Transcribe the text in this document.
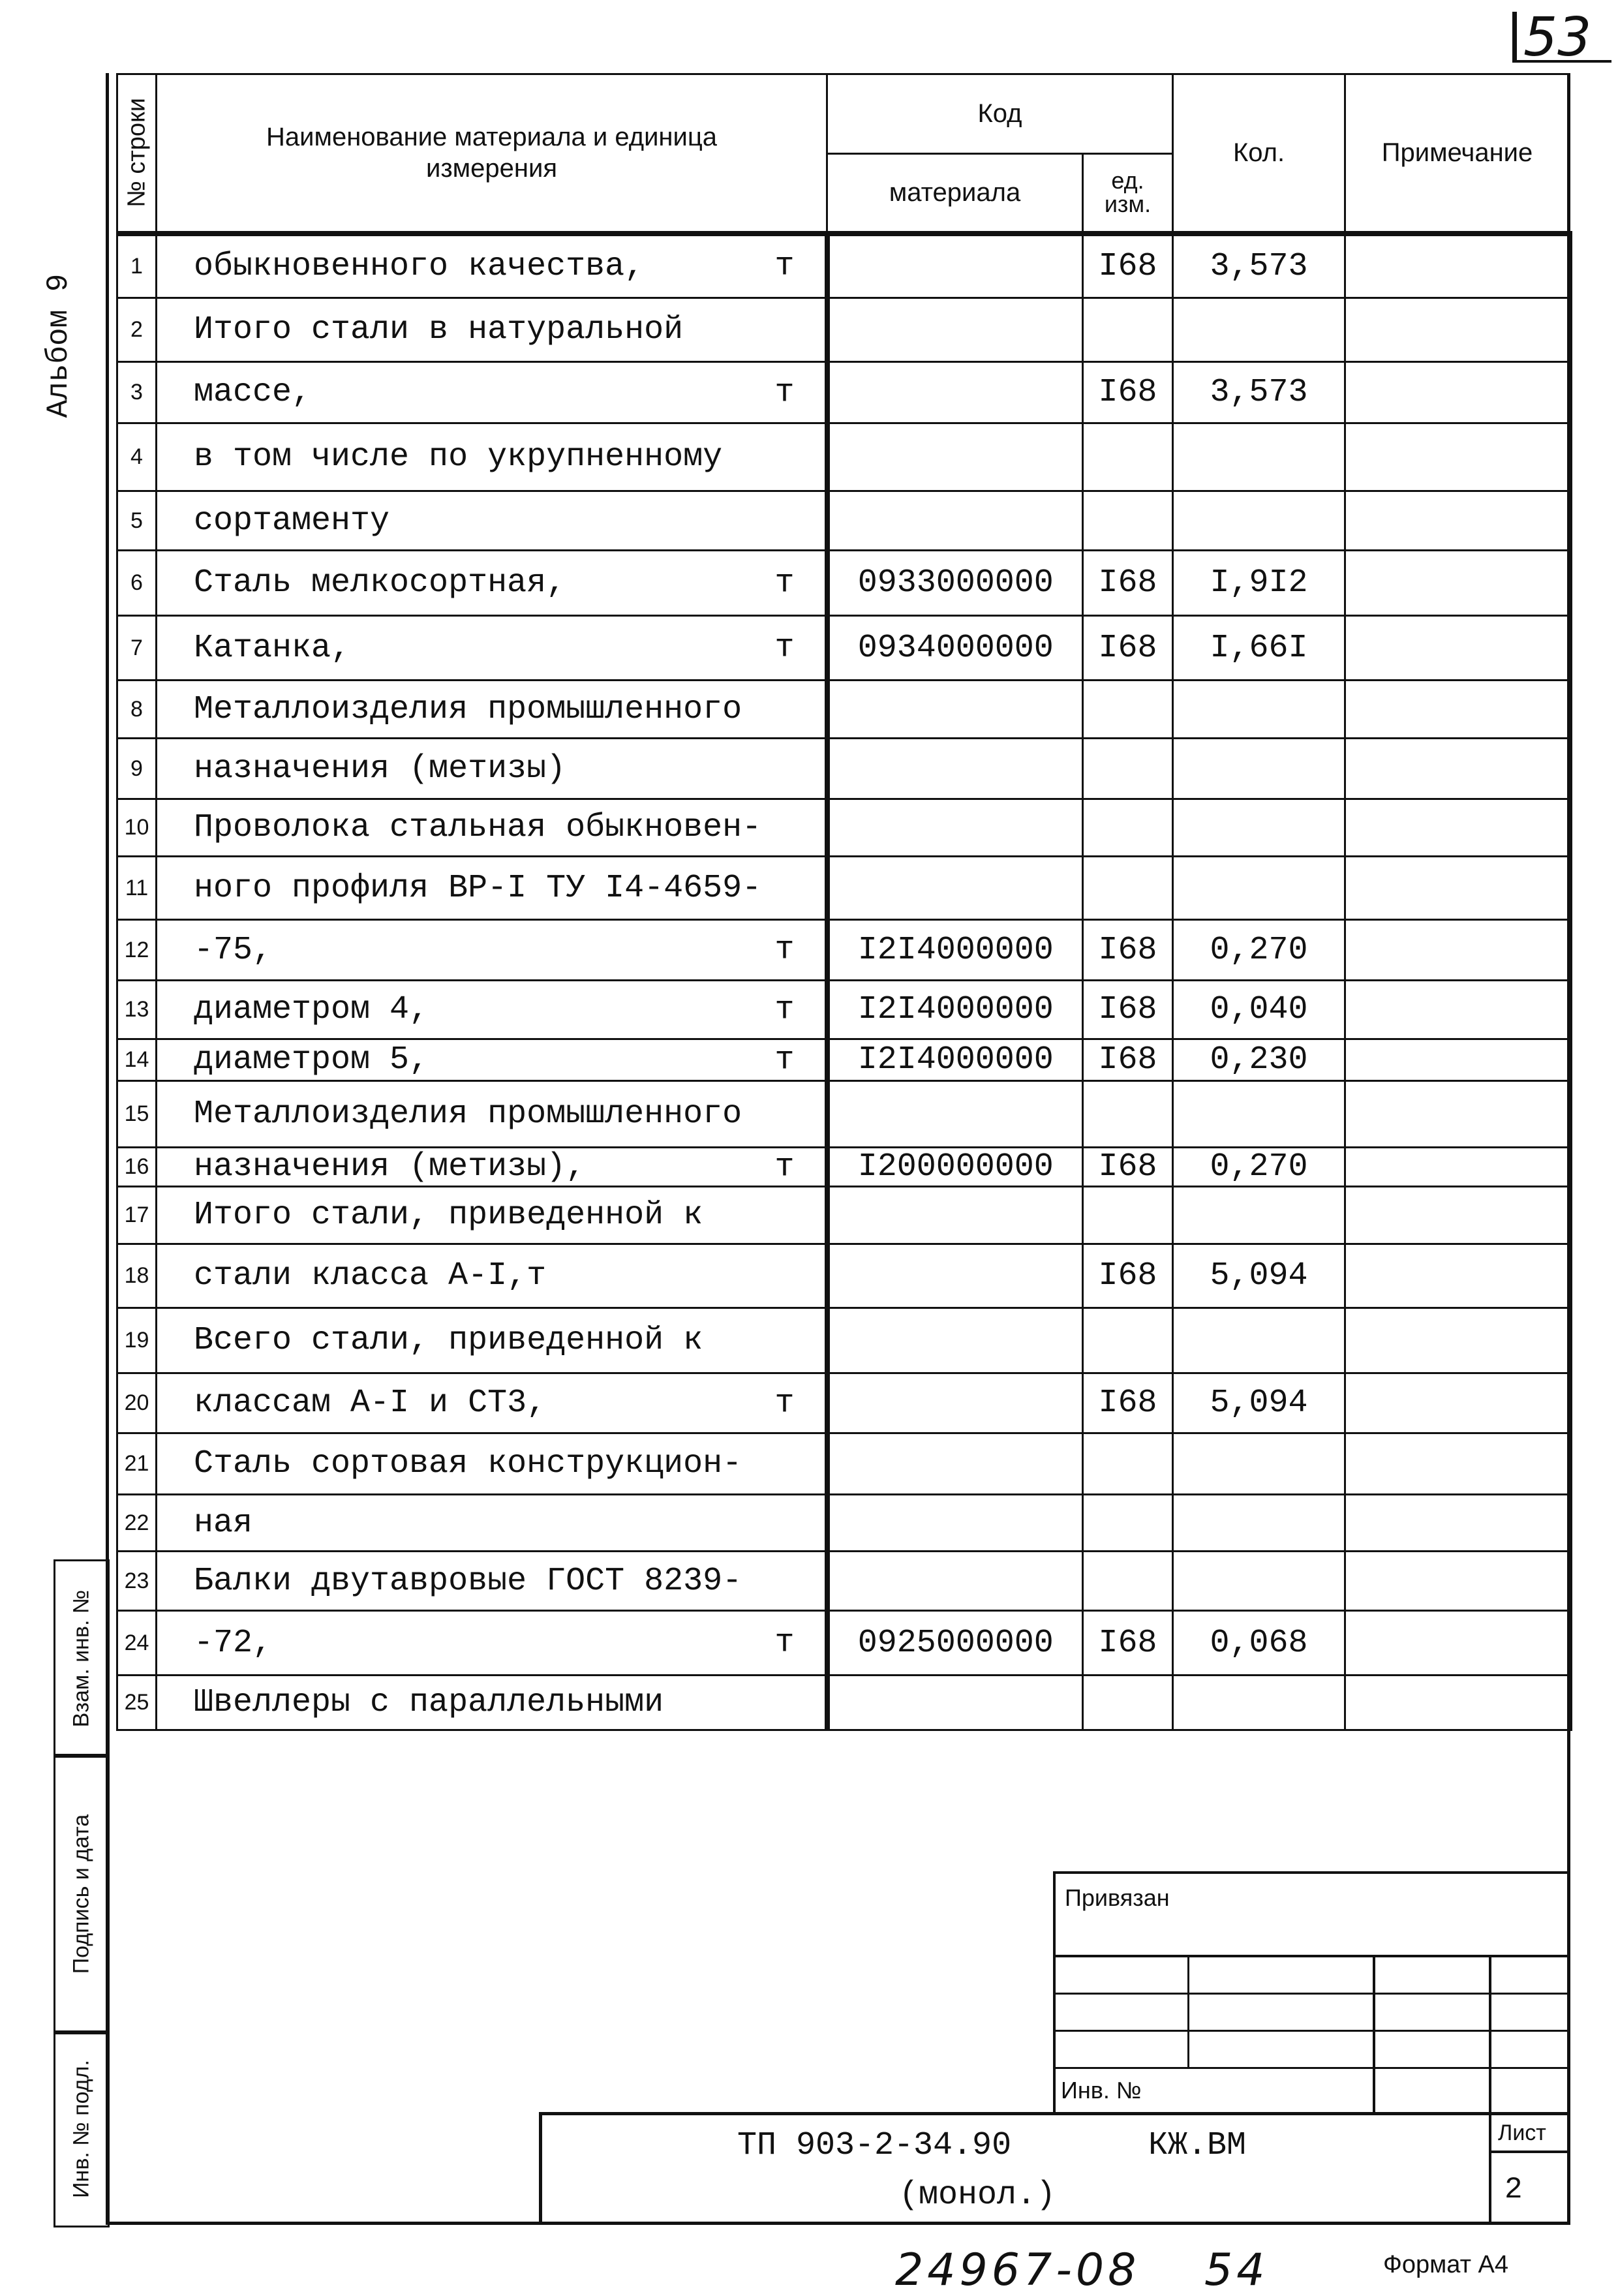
53
Альбом 9
№ строки	Наименование материала и единица измерения	Код		Кол.	Примечание
		материала	ед. изм.		
1	обыкновенного качества, т		I68	3,573	
2	Итого стали в натуральной

3	массе, т		I68	3,573	
4	в том числе по укрупненному

5	сортаменту

6	Сталь мелкосортная, т	0933000000	I68	I,9I2	
7	Катанка, т	0934000000	I68	I,66I	
8	Металлоизделия промышленного

9	назначения (метизы)

10	Проволока стальная обыкновен-

11	ного профиля ВР-I ТУ I4-4659-

12	-75, т	I2I4000000	I68	0,270	
13	диаметром 4, т	I2I4000000	I68	0,040	
14	диаметром 5, т	I2I4000000	I68	0,230	
15	Металлоизделия промышленного

16	назначения (метизы), т	I200000000	I68	0,270	
17	Итого стали, приведенной к

18	стали класса А-I,т		I68	5,094	
19	Всего стали, приведенной к

20	классам А-I и СТ3, т		I68	5,094	
21	Сталь сортовая конструкцион-

22	ная

23	Балки двутавровые ГОСТ 8239-

24	-72, т	0925000000	I68	0,068	
25	Швеллеры с параллельными

Взам. инв. №
Подпись и дата
Инв. № подл.
Привязан
Инв. №
ТП 903-2-34.90	КЖ.ВМ
(монол.)
Лист
2
24967-08 54	Формат А4
